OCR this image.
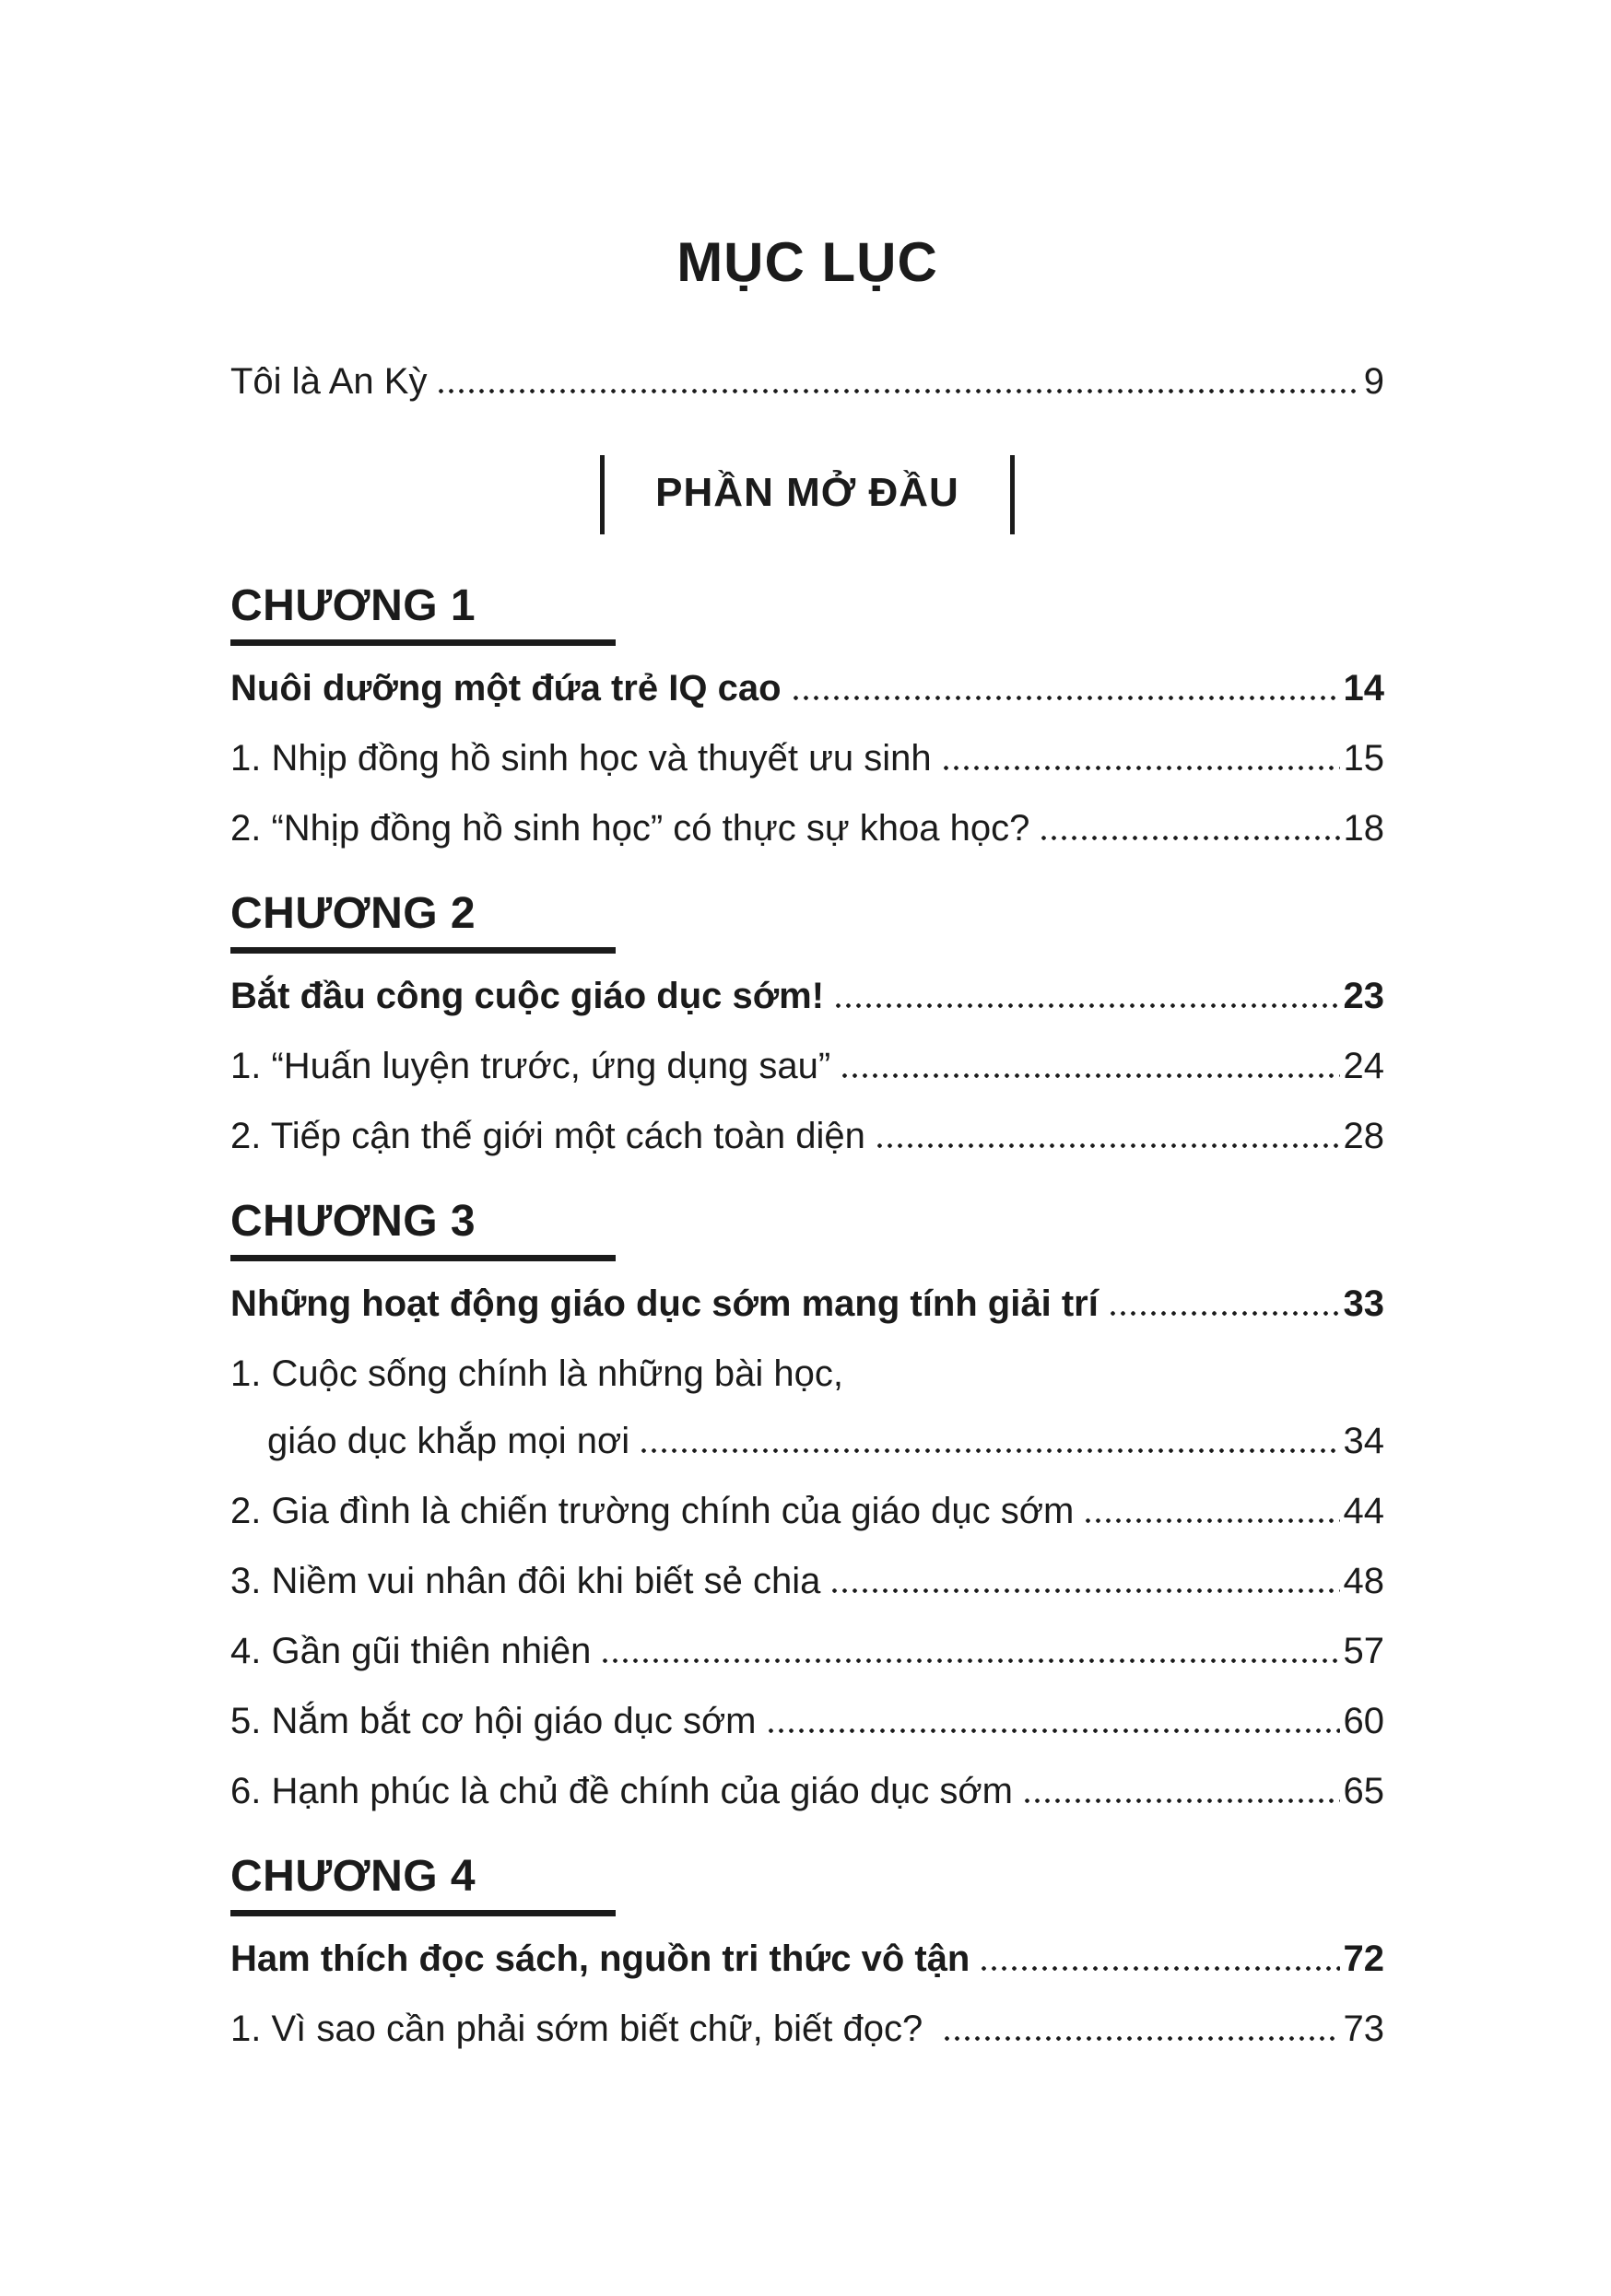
MỤC LỤC
Tôi là An Kỳ	9
PHẦN MỞ ĐẦU
CHƯƠNG 1
Nuôi dưỡng một đứa trẻ IQ cao	14
1. Nhịp đồng hồ sinh học và thuyết ưu sinh	15
2. “Nhịp đồng hồ sinh học” có thực sự khoa học?	18
CHƯƠNG 2
Bắt đầu công cuộc giáo dục sớm!	23
1. “Huấn luyện trước, ứng dụng sau”	24
2. Tiếp cận thế giới một cách toàn diện	28
CHƯƠNG 3
Những hoạt động giáo dục sớm mang tính giải trí	33
1. Cuộc sống chính là những bài học,
giáo dục khắp mọi nơi	34
2. Gia đình là chiến trường chính của giáo dục sớm	44
3. Niềm vui nhân đôi khi biết sẻ chia	48
4. Gần gũi thiên nhiên	57
5. Nắm bắt cơ hội giáo dục sớm	60
6. Hạnh phúc là chủ đề chính của giáo dục sớm	65
CHƯƠNG 4
Ham thích đọc sách, nguồn tri thức vô tận	72
1. Vì sao cần phải sớm biết chữ, biết đọc?	73
